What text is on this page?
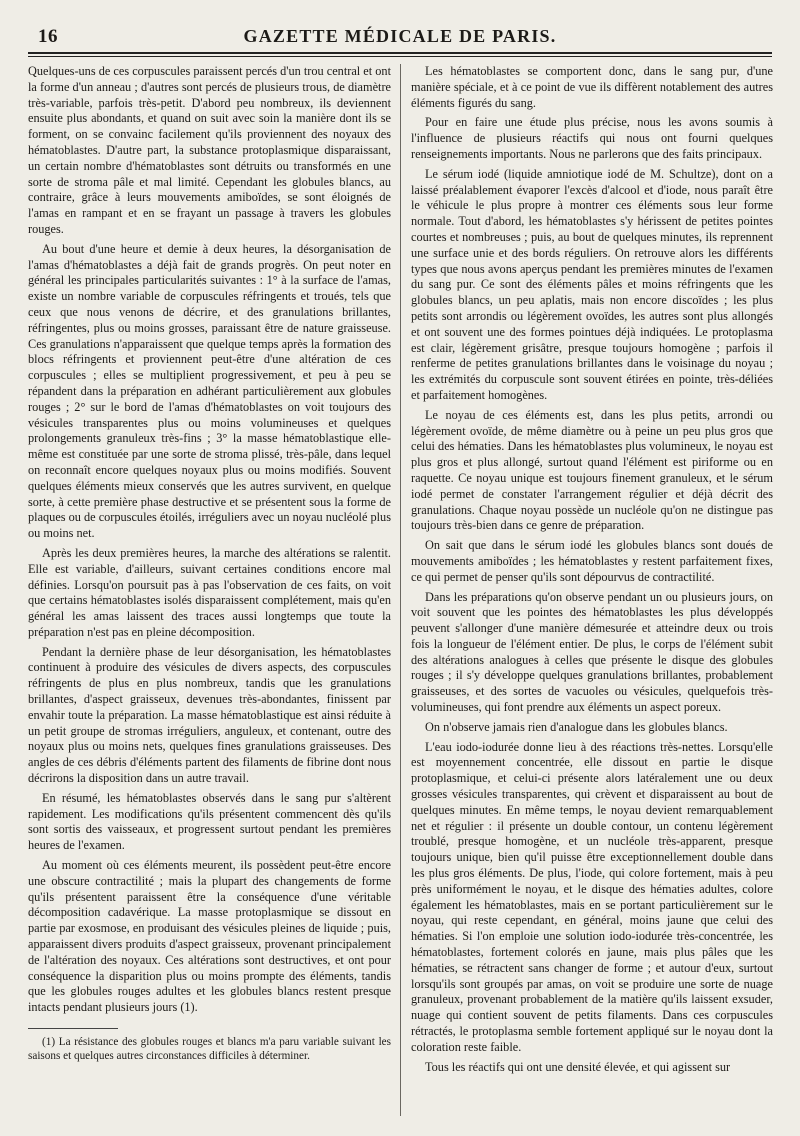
16	GAZETTE MÉDICALE DE PARIS.

Quelques-uns de ces corpuscules paraissent percés d'un trou central et ont la forme d'un anneau ; d'autres sont percés de plusieurs trous, de diamètre très-variable, parfois très-petit. D'abord peu nombreux, ils deviennent ensuite plus abondants, et quand on suit avec soin la manière dont ils se forment, on se convainc facilement qu'ils proviennent des noyaux des hématoblastes. D'autre part, la substance protoplasmique disparaissant, un certain nombre d'hématoblastes sont détruits ou transformés en une sorte de stroma pâle et mal limité. Cependant les globules blancs, au contraire, grâce à leurs mouvements amiboïdes, se sont éloignés de l'amas en rampant et en se frayant un passage à travers les globules rouges.

Au bout d'une heure et demie à deux heures, la désorganisation de l'amas d'hématoblastes a déjà fait de grands progrès. On peut noter en général les principales particularités suivantes : 1° à la surface de l'amas, existe un nombre variable de corpuscules réfringents et troués, tels que ceux que nous venons de décrire, et des granulations brillantes, réfringentes, plus ou moins grosses, paraissant être de nature graisseuse. Ces granulations n'apparaissent que quelque temps après la formation des blocs réfringents et proviennent peut-être d'une altération de ces corpuscules ; elles se multiplient progressivement, et peu à peu se répandent dans la préparation en adhérant particulièrement aux globules rouges ; 2° sur le bord de l'amas d'hématoblastes on voit toujours des vésicules transparentes plus ou moins volumineuses et quelques prolongements granuleux très-fins ; 3° la masse hématoblastique elle-même est constituée par une sorte de stroma plissé, très-pâle, dans lequel on reconnaît encore quelques noyaux plus ou moins modifiés. Souvent quelques éléments mieux conservés que les autres survivent, en quelque sorte, à cette première phase destructive et se présentent sous la forme de plaques ou de corpuscules étoilés, irréguliers avec un noyau nucléolé plus ou moins net.

Après les deux premières heures, la marche des altérations se ralentit. Elle est variable, d'ailleurs, suivant certaines conditions encore mal définies. Lorsqu'on poursuit pas à pas l'observation de ces faits, on voit que certains hématoblastes isolés disparaissent complétement, mais qu'en général les amas laissent des traces aussi longtemps que toute la préparation n'est pas en pleine décomposition.

Pendant la dernière phase de leur désorganisation, les hématoblastes continuent à produire des vésicules de divers aspects, des corpuscules réfringents de plus en plus nombreux, tandis que les granulations brillantes, d'aspect graisseux, devenues très-abondantes, finissent par envahir toute la préparation. La masse hématoblastique est ainsi réduite à un petit groupe de stromas irréguliers, anguleux, et contenant, outre des noyaux plus ou moins nets, quelques fines granulations graisseuses. Des angles de ces débris d'éléments partent des filaments de fibrine dont nous décrirons la disposition dans un autre travail.

En résumé, les hématoblastes observés dans le sang pur s'altèrent rapidement. Les modifications qu'ils présentent commencent dès qu'ils sont sortis des vaisseaux, et progressent surtout pendant les premières heures de l'examen.

Au moment où ces éléments meurent, ils possèdent peut-être encore une obscure contractilité ; mais la plupart des changements de forme qu'ils présentent paraissent être la conséquence d'une véritable décomposition cadavérique. La masse protoplasmique se dissout en partie par exosmose, en produisant des vésicules pleines de liquide ; puis, apparaissent divers produits d'aspect graisseux, provenant principalement de l'altération des noyaux. Ces altérations sont destructives, et ont pour conséquence la disparition plus ou moins prompte des éléments, tandis que les globules rouges adultes et les globules blancs restent presque intacts pendant plusieurs jours (1).

(1) La résistance des globules rouges et blancs m'a paru variable suivant les saisons et quelques autres circonstances difficiles à déterminer.

Les hématoblastes se comportent donc, dans le sang pur, d'une manière spéciale, et à ce point de vue ils diffèrent notablement des autres éléments figurés du sang.

Pour en faire une étude plus précise, nous les avons soumis à l'influence de plusieurs réactifs qui nous ont fourni quelques renseignements importants. Nous ne parlerons que des faits principaux.

Le sérum iodé (liquide amniotique iodé de M. Schultze), dont on a laissé préalablement évaporer l'excès d'alcool et d'iode, nous paraît être le véhicule le plus propre à montrer ces éléments sous leur forme normale. Tout d'abord, les hématoblastes s'y hérissent de petites pointes courtes et nombreuses ; puis, au bout de quelques minutes, ils reprennent une surface unie et des bords réguliers. On retrouve alors les différents types que nous avons aperçus pendant les premières minutes de l'examen du sang pur. Ce sont des éléments pâles et moins réfringents que les globules blancs, un peu aplatis, mais non encore discoïdes ; les plus petits sont arrondis ou légèrement ovoïdes, les autres sont plus allongés et ont souvent une des formes pointues déjà indiquées. Le protoplasma est clair, légèrement grisâtre, presque toujours homogène ; parfois il renferme de petites granulations brillantes dans le voisinage du noyau ; les extrémités du corpuscule sont souvent étirées en pointe, très-déliées et parfaitement homogènes.

Le noyau de ces éléments est, dans les plus petits, arrondi ou légèrement ovoïde, de même diamètre ou à peine un peu plus gros que celui des hématies. Dans les hématoblastes plus volumineux, le noyau est plus gros et plus allongé, surtout quand l'élément est piriforme ou en raquette. Ce noyau unique est toujours finement granuleux, et le sérum iodé permet de constater l'arrangement régulier et déjà décrit des granulations. Chaque noyau possède un nucléole qu'on ne distingue pas toujours très-bien dans ce genre de préparation.

On sait que dans le sérum iodé les globules blancs sont doués de mouvements amiboïdes ; les hématoblastes y restent parfaitement fixes, ce qui permet de penser qu'ils sont dépourvus de contractilité.

Dans les préparations qu'on observe pendant un ou plusieurs jours, on voit souvent que les pointes des hématoblastes les plus développés peuvent s'allonger d'une manière démesurée et atteindre deux ou trois fois la longueur de l'élément entier. De plus, le corps de l'élément subit des altérations analogues à celles que présente le disque des globules rouges ; il s'y développe quelques granulations brillantes, probablement graisseuses, et des sortes de vacuoles ou vésicules, quelquefois très-volumineuses, qui font prendre aux éléments un aspect poreux.

On n'observe jamais rien d'analogue dans les globules blancs.

L'eau iodo-iodurée donne lieu à des réactions très-nettes. Lorsqu'elle est moyennement concentrée, elle dissout en partie le disque protoplasmique, et celui-ci présente alors latéralement une ou deux grosses vésicules transparentes, qui crèvent et disparaissent au bout de quelques minutes. En même temps, le noyau devient remarquablement net et régulier : il présente un double contour, un contenu légèrement troublé, presque homogène, et un nucléole très-apparent, presque toujours unique, bien qu'il puisse être exceptionnellement double dans les plus gros éléments. De plus, l'iode, qui colore fortement, mais à peu près uniformément le noyau, et le disque des hématies adultes, colore également les hématoblastes, mais en se portant particulièrement sur le noyau, qui reste cependant, en général, moins jaune que celui des hématies. Si l'on emploie une solution iodo-iodurée très-concentrée, les hématoblastes, fortement colorés en jaune, mais plus pâles que les hématies, se rétractent sans changer de forme ; et autour d'eux, surtout lorsqu'ils sont groupés par amas, on voit se produire une sorte de nuage granuleux, provenant probablement de la matière qu'ils laissent exsuder, nuage qui contient souvent de petits filaments. Dans ces corpuscules rétractés, le protoplasma semble fortement appliqué sur le noyau dont la coloration reste faible.

Tous les réactifs qui ont une densité élevée, et qui agissent sur
